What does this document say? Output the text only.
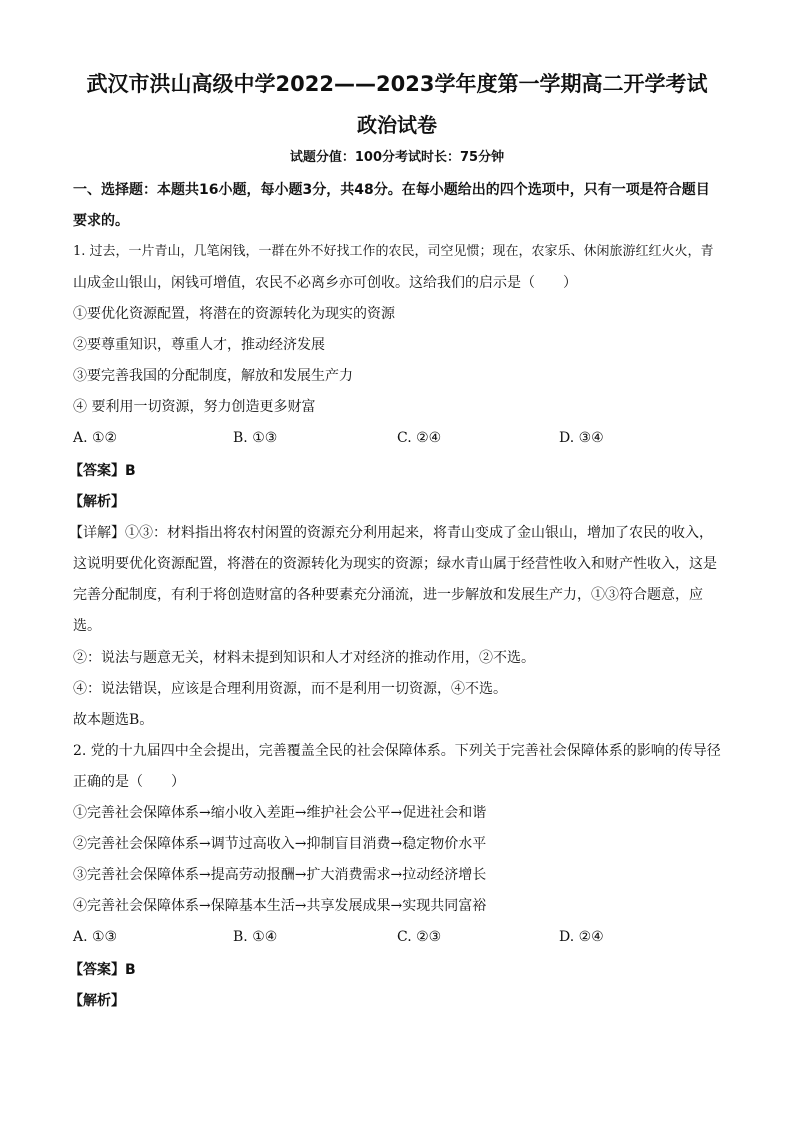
武汉市洪山高级中学2022——2023学年度第一学期高二开学考试
政治试卷
试题分值：100分考试时长：75分钟
一、选择题：本题共16小题，每小题3分，共48分。在每小题给出的四个选项中，只有一项是符合题目
要求的。
1. 过去，一片青山，几笔闲钱，一群在外不好找工作的农民，司空见惯；现在，农家乐、休闲旅游红红火火，青
山成金山银山，闲钱可增值，农民不必离乡亦可创收。这给我们的启示是（　　）
①要优化资源配置，将潜在的资源转化为现实的资源
②要尊重知识，尊重人才，推动经济发展
③要完善我国的分配制度，解放和发展生产力
④ 要利用一切资源，努力创造更多财富
A. ①②	B. ①③	C. ②④	D. ③④
【答案】B
【解析】
【详解】①③：材料指出将农村闲置的资源充分利用起来，将青山变成了金山银山，增加了农民的收入，
这说明要优化资源配置，将潜在的资源转化为现实的资源；绿水青山属于经营性收入和财产性收入，这是
完善分配制度，有利于将创造财富的各种要素充分涌流，进一步解放和发展生产力，①③符合题意，应
选。
②：说法与题意无关，材料未提到知识和人才对经济的推动作用，②不选。
④：说法错误，应该是合理利用资源，而不是利用一切资源，④不选。
故本题选B。
2. 党的十九届四中全会提出，完善覆盖全民的社会保障体系。下列关于完善社会保障体系的影响的传导径
正确的是（　　）
①完善社会保障体系→缩小收入差距→维护社会公平→促进社会和谐
②完善社会保障体系→调节过高收入→抑制盲目消费→稳定物价水平
③完善社会保障体系→提高劳动报酬→扩大消费需求→拉动经济增长
④完善社会保障体系→保障基本生活→共享发展成果→实现共同富裕
A. ①③	B. ①④	C. ②③	D. ②④
【答案】B
【解析】
